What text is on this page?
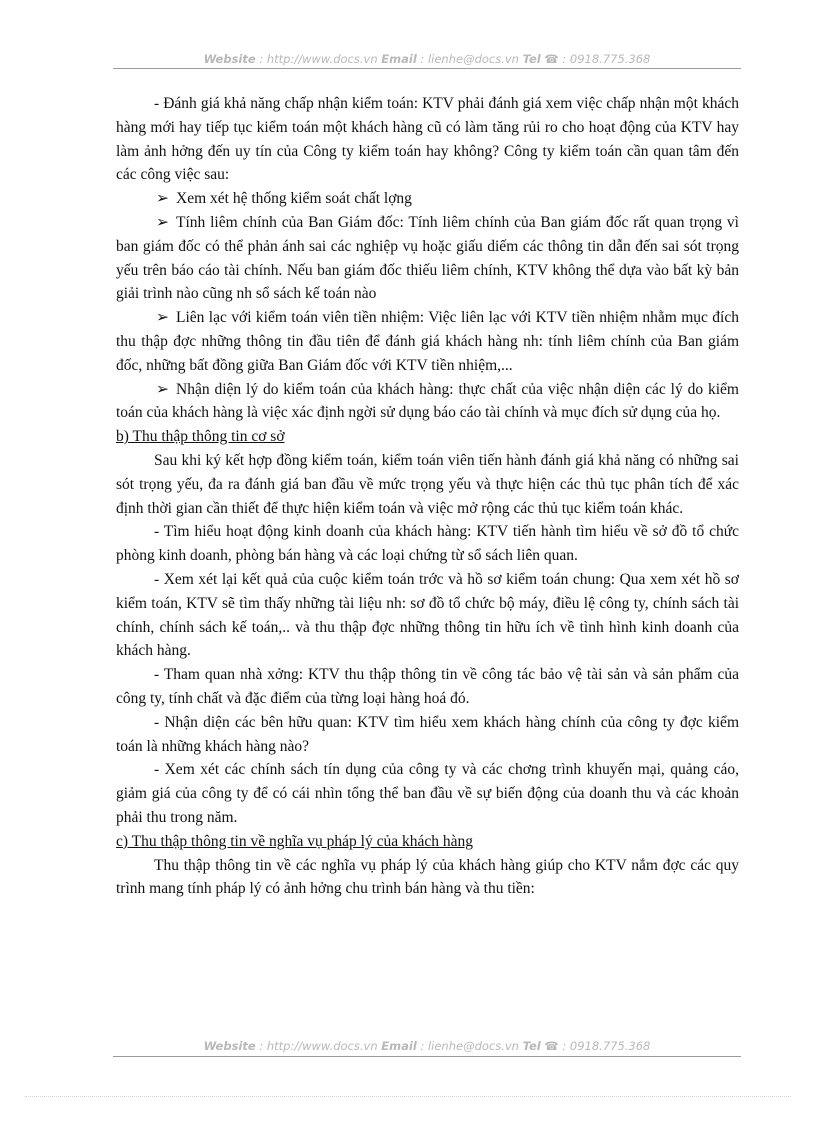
Website : http://www.docs.vn Email : lienhe@docs.vn Tel ☎ : 0918.775.368

- Đánh giá khả năng chấp nhận kiểm toán: KTV phải đánh giá xem việc chấp nhận một khách hàng mới hay tiếp tục kiểm toán một khách hàng cũ có làm tăng rủi ro cho hoạt động của KTV hay làm ảnh hởng đến uy tín của Công ty kiểm toán hay không? Công ty kiểm toán cần quan tâm đến các công việc sau:

➢ Xem xét hệ thống kiểm soát chất lợng

➢ Tính liêm chính của Ban Giám đốc: Tính liêm chính của Ban giám đốc rất quan trọng vì ban giám đốc có thể phản ánh sai các nghiệp vụ hoặc giấu diếm các thông tin dẫn đến sai sót trọng yếu trên báo cáo tài chính. Nếu ban giám đốc thiếu liêm chính, KTV không thể dựa vào bất kỳ bản giải trình nào cũng nh sổ sách kế toán nào

➢ Liên lạc với kiểm toán viên tiền nhiệm: Việc liên lạc với KTV tiền nhiệm nhằm mục đích thu thập đợc những thông tin đầu tiên để đánh giá khách hàng nh: tính liêm chính của Ban giám đốc, những bất đồng giữa Ban Giám đốc với KTV tiền nhiệm,...

➢ Nhận diện lý do kiểm toán của khách hàng: thực chất của việc nhận diện các lý do kiểm toán của khách hàng là việc xác định ngời sử dụng báo cáo tài chính và mục đích sử dụng của họ.

b) Thu thập thông tin cơ sở

Sau khi ký kết hợp đồng kiểm toán, kiểm toán viên tiến hành đánh giá khả năng có những sai sót trọng yếu, đa ra đánh giá ban đầu về mức trọng yếu và thực hiện các thủ tục phân tích để xác định thời gian cần thiết để thực hiện kiểm toán và việc mở rộng các thủ tục kiểm toán khác.

- Tìm hiểu hoạt động kinh doanh của khách hàng: KTV tiến hành tìm hiểu về sở đồ tổ chức phòng kinh doanh, phòng bán hàng và các loại chứng từ sổ sách liên quan.

- Xem xét lại kết quả của cuộc kiểm toán trớc và hồ sơ kiểm toán chung: Qua xem xét hồ sơ kiểm toán, KTV sẽ tìm thấy những tài liệu nh: sơ đồ tổ chức bộ máy, điều lệ công ty, chính sách tài chính, chính sách kế toán,.. và thu thập đợc những thông tin hữu ích về tình hình kinh doanh của khách hàng.

- Tham quan nhà xởng: KTV thu thập thông tin về công tác bảo vệ tài sản và sản phẩm của công ty, tính chất và đặc điểm của từng loại hàng hoá đó.

- Nhận diện các bên hữu quan: KTV tìm hiểu xem khách hàng chính của công ty đợc kiểm toán là những khách hàng nào?

- Xem xét các chính sách tín dụng của công ty và các chơng trình khuyến mại, quảng cáo, giảm giá của công ty để có cái nhìn tổng thể ban đầu về sự biến động của doanh thu và các khoản phải thu trong năm.

c) Thu thập thông tin về nghĩa vụ pháp lý của khách hàng

Thu thập thông tin về các nghĩa vụ pháp lý của khách hàng giúp cho KTV nắm đợc các quy trình mang tính pháp lý có ảnh hởng chu trình bán hàng và thu tiền:

Website : http://www.docs.vn Email : lienhe@docs.vn Tel ☎ : 0918.775.368
